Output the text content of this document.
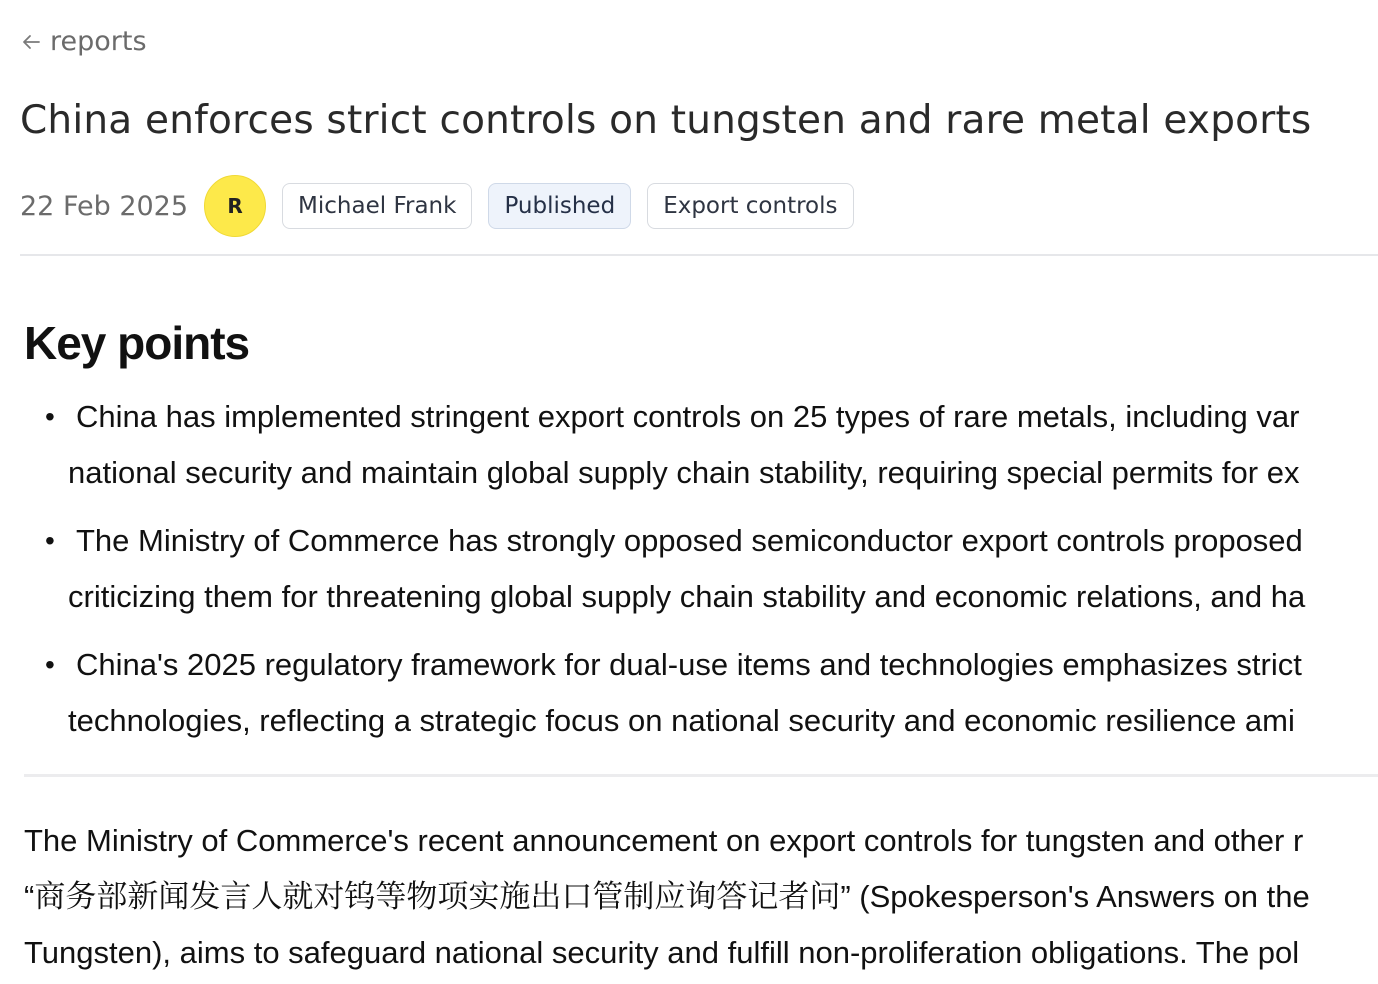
reports
China enforces strict controls on tungsten and rare metal exports
22 Feb 2025	R	Michael Frank	Published	Export controls
Key points
• China has implemented stringent export controls on 25 types of rare metals, including var
national security and maintain global supply chain stability, requiring special permits for ex
• The Ministry of Commerce has strongly opposed semiconductor export controls proposed
criticizing them for threatening global supply chain stability and economic relations, and ha
• China's 2025 regulatory framework for dual-use items and technologies emphasizes strict
technologies, reflecting a strategic focus on national security and economic resilience ami

The Ministry of Commerce's recent announcement on export controls for tungsten and other r
“商务部新闻发言人就对钨等物项实施出口管制应询答记者问” (Spokesperson's Answers on the
Tungsten), aims to safeguard national security and fulfill non-proliferation obligations. The pol
